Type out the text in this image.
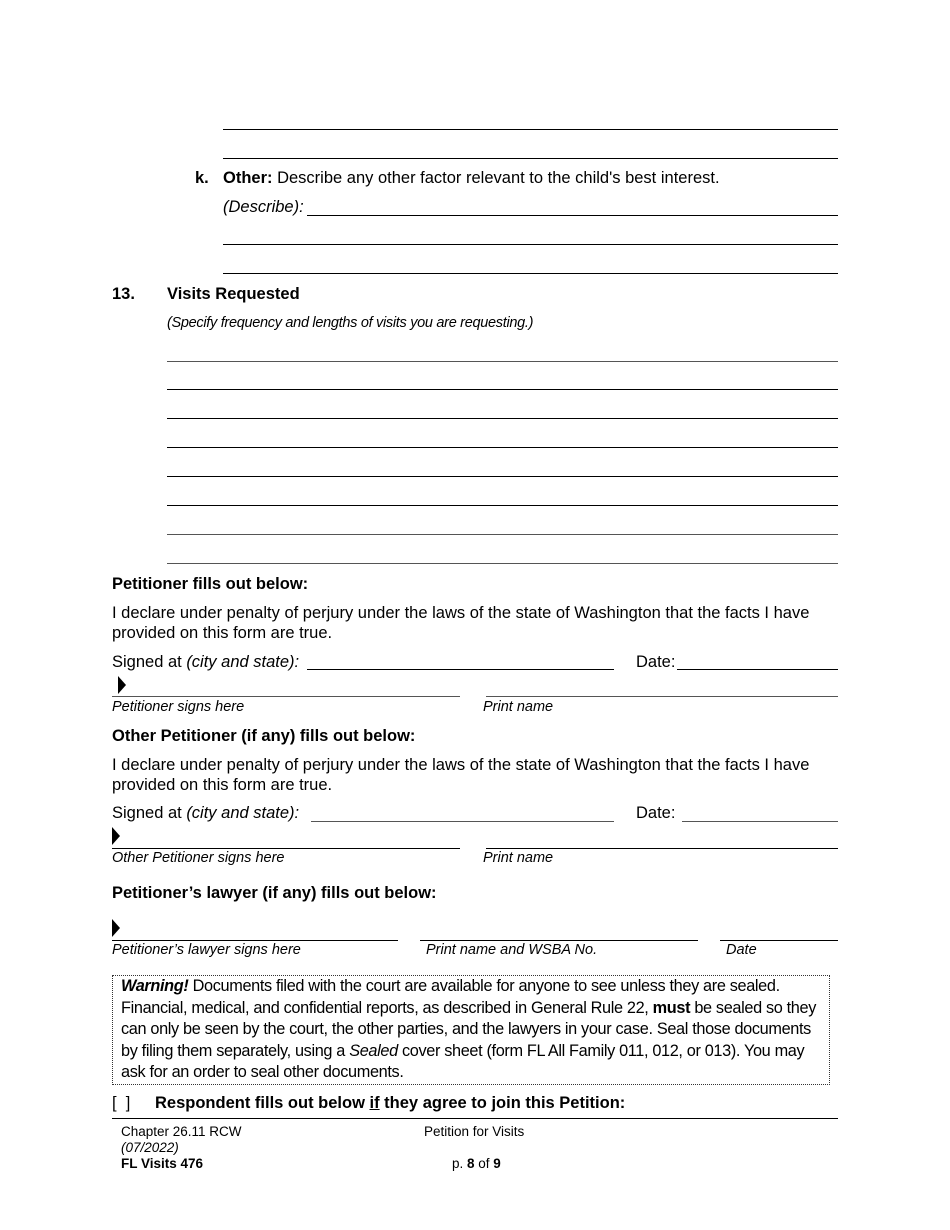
k. Other: Describe any other factor relevant to the child's best interest.
(Describe):
13. Visits Requested
(Specify frequency and lengths of visits you are requesting.)
Petitioner fills out below:
I declare under penalty of perjury under the laws of the state of Washington that the facts I have provided on this form are true.
Signed at (city and state):	Date:
Petitioner signs here	Print name
Other Petitioner (if any) fills out below:
I declare under penalty of perjury under the laws of the state of Washington that the facts I have provided on this form are true.
Signed at (city and state):	Date:
Other Petitioner signs here	Print name
Petitioner’s lawyer (if any) fills out below:
Petitioner’s lawyer signs here	Print name and WSBA No.	Date
Warning! Documents filed with the court are available for anyone to see unless they are sealed. Financial, medical, and confidential reports, as described in General Rule 22, must be sealed so they can only be seen by the court, the other parties, and the lawyers in your case. Seal those documents by filing them separately, using a Sealed cover sheet (form FL All Family 011, 012, or 013). You may ask for an order to seal other documents.
[  ] Respondent fills out below if they agree to join this Petition:
Chapter 26.11 RCW
(07/2022)
FL Visits 476
Petition for Visits
p. 8 of 9
